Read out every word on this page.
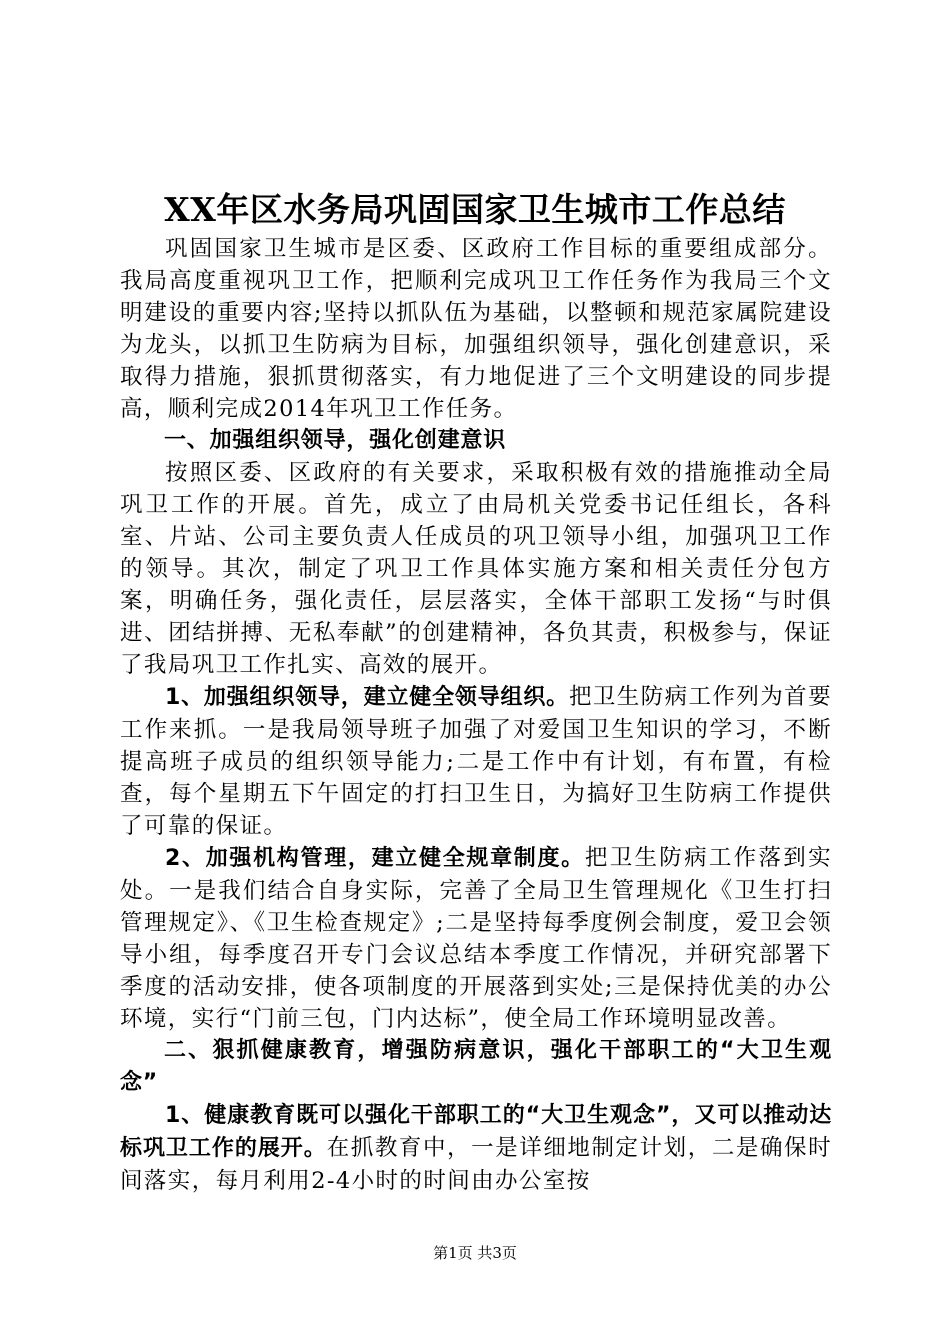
XX年区水务局巩固国家卫生城市工作总结

巩固国家卫生城市是区委、区政府工作目标的重要组成部分。我局高度重视巩卫工作，把顺利完成巩卫工作任务作为我局三个文明建设的重要内容;坚持以抓队伍为基础，以整顿和规范家属院建设为龙头，以抓卫生防病为目标，加强组织领导，强化创建意识，采取得力措施，狠抓贯彻落实，有力地促进了三个文明建设的同步提高，顺利完成2014年巩卫工作任务。

一、加强组织领导，强化创建意识

按照区委、区政府的有关要求，采取积极有效的措施推动全局巩卫工作的开展。首先，成立了由局机关党委书记任组长，各科室、片站、公司主要负责人任成员的巩卫领导小组，加强巩卫工作的领导。其次，制定了巩卫工作具体实施方案和相关责任分包方案，明确任务，强化责任，层层落实，全体干部职工发扬“与时俱进、团结拼搏、无私奉献”的创建精神，各负其责，积极参与，保证了我局巩卫工作扎实、高效的展开。

1、加强组织领导，建立健全领导组织。把卫生防病工作列为首要工作来抓。一是我局领导班子加强了对爱国卫生知识的学习，不断提高班子成员的组织领导能力;二是工作中有计划，有布置，有检查，每个星期五下午固定的打扫卫生日，为搞好卫生防病工作提供了可靠的保证。

2、加强机构管理，建立健全规章制度。把卫生防病工作落到实处。一是我们结合自身实际，完善了全局卫生管理规化《卫生打扫管理规定》、《卫生检查规定》;二是坚持每季度例会制度，爱卫会领导小组，每季度召开专门会议总结本季度工作情况，并研究部署下季度的活动安排，使各项制度的开展落到实处;三是保持优美的办公环境，实行“门前三包，门内达标”，使全局工作环境明显改善。

二、狠抓健康教育，增强防病意识，强化干部职工的“大卫生观念”

1、健康教育既可以强化干部职工的“大卫生观念”，又可以推动达标巩卫工作的展开。在抓教育中，一是详细地制定计划，二是确保时间落实，每月利用2-4小时的时间由办公室按

第1页 共3页
